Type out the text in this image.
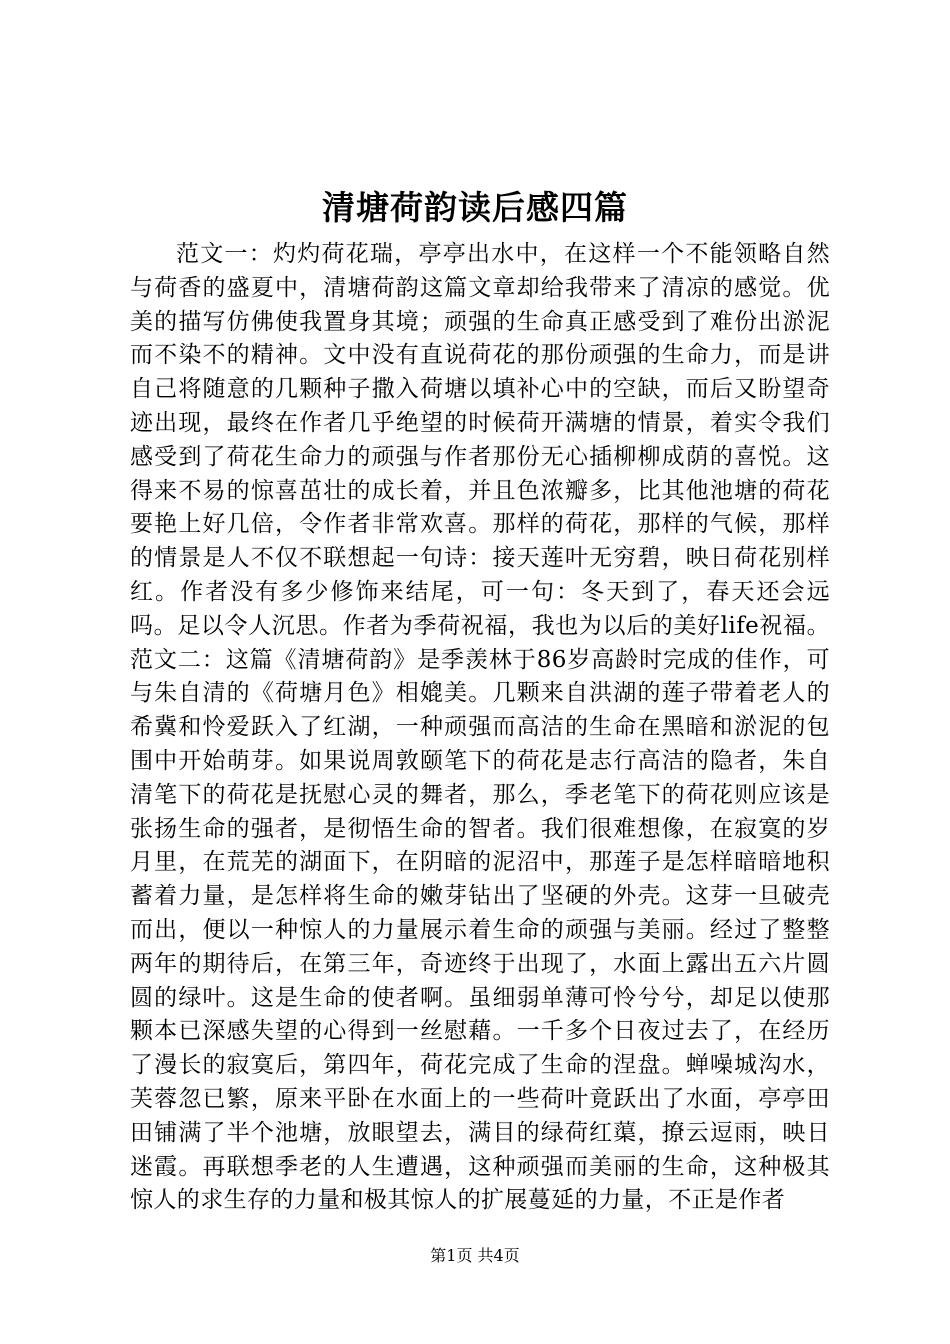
清塘荷韵读后感四篇

范文一：灼灼荷花瑞，亭亭出水中，在这样一个不能领略自然与荷香的盛夏中，清塘荷韵这篇文章却给我带来了清凉的感觉。优美的描写仿佛使我置身其境；顽强的生命真正感受到了难份出淤泥而不染不的精神。文中没有直说荷花的那份顽强的生命力，而是讲自己将随意的几颗种子撒入荷塘以填补心中的空缺，而后又盼望奇迹出现，最终在作者几乎绝望的时候荷开满塘的情景，着实令我们感受到了荷花生命力的顽强与作者那份无心插柳柳成荫的喜悦。这得来不易的惊喜茁壮的成长着，并且色浓瓣多，比其他池塘的荷花要艳上好几倍，令作者非常欢喜。那样的荷花，那样的气候，那样的情景是人不仅不联想起一句诗：接天莲叶无穷碧，映日荷花别样红。作者没有多少修饰来结尾，可一句：冬天到了，春天还会远吗。足以令人沉思。作者为季荷祝福，我也为以后的美好life祝福。范文二：这篇《清塘荷韵》是季羡林于86岁高龄时完成的佳作，可与朱自清的《荷塘月色》相媲美。几颗来自洪湖的莲子带着老人的希冀和怜爱跃入了红湖，一种顽强而高洁的生命在黑暗和淤泥的包围中开始萌芽。如果说周敦颐笔下的荷花是志行高洁的隐者，朱自清笔下的荷花是抚慰心灵的舞者，那么，季老笔下的荷花则应该是张扬生命的强者，是彻悟生命的智者。我们很难想像，在寂寞的岁月里，在荒芜的湖面下，在阴暗的泥沼中，那莲子是怎样暗暗地积蓄着力量，是怎样将生命的嫩芽钻出了坚硬的外壳。这芽一旦破壳而出，便以一种惊人的力量展示着生命的顽强与美丽。经过了整整两年的期待后，在第三年，奇迹终于出现了，水面上露出五六片圆圆的绿叶。这是生命的使者啊。虽细弱单薄可怜兮兮，却足以使那颗本已深感失望的心得到一丝慰藉。一千多个日夜过去了，在经历了漫长的寂寞后，第四年，荷花完成了生命的涅盘。蝉噪城沟水，芙蓉忽已繁，原来平卧在水面上的一些荷叶竟跃出了水面，亭亭田田铺满了半个池塘，放眼望去，满目的绿荷红蕖，撩云逗雨，映日迷霞。再联想季老的人生遭遇，这种顽强而美丽的生命，这种极其惊人的求生存的力量和极其惊人的扩展蔓延的力量，不正是作者

第1页 共4页
